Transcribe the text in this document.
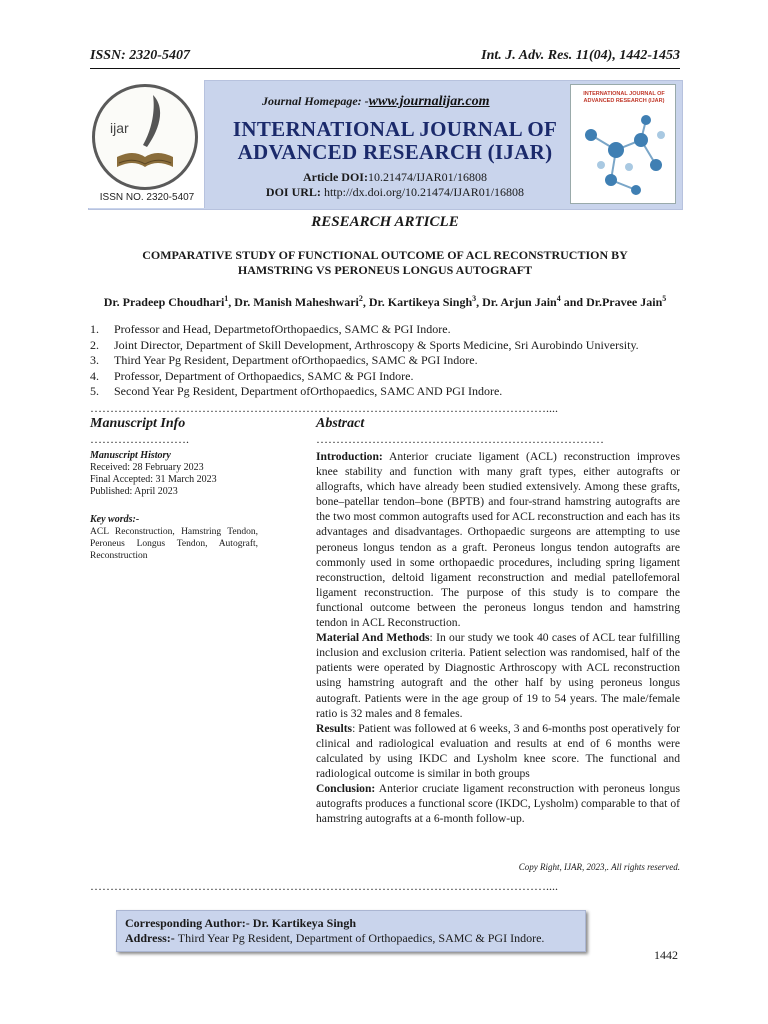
ISSN: 2320-5407	Int. J. Adv. Res. 11(04), 1442-1453
ijar
ISSN NO. 2320-5407
Journal Homepage: -www.journalijar.com
INTERNATIONAL JOURNAL OF
ADVANCED RESEARCH (IJAR)
Article DOI:10.21474/IJAR01/16808
DOI URL: http://dx.doi.org/10.21474/IJAR01/16808
INTERNATIONAL JOURNAL OF ADVANCED RESEARCH (IJAR)
RESEARCH ARTICLE
COMPARATIVE STUDY OF FUNCTIONAL OUTCOME OF ACL RECONSTRUCTION BY
HAMSTRING VS PERONEUS LONGUS AUTOGRAFT
Dr. Pradeep Choudhari$^1$, Dr. Manish Maheshwari$^2$, Dr. Kartikeya Singh$^3$, Dr. Arjun Jain$^4$ and Dr.Pravee Jain$^5$
1. Professor and Head, DepartmetofOrthopaedics, SAMC & PGI Indore.
2. Joint Director, Department of Skill Development, Arthroscopy & Sports Medicine, Sri Aurobindo University.
3. Third Year Pg Resident, Department ofOrthopaedics, SAMC & PGI Indore.
4. Professor, Department of Orthopaedics, SAMC & PGI Indore.
5. Second Year Pg Resident, Department ofOrthopaedics, SAMC AND PGI Indore.
……………………………………………………………………………………………………....
Manuscript Info
…………………….
Manuscript History
Received: 28 February 2023
Final Accepted: 31 March 2023
Published: April 2023
Key words:-
ACL Reconstruction, Hamstring Tendon, Peroneus Longus Tendon, Autograft, Reconstruction
Abstract
………………………………………………………………

Introduction: Anterior cruciate ligament (ACL) reconstruction improves knee stability and function with many graft types, either autografts or allografts, which have already been studied extensively. Among these grafts, bone–patellar tendon–bone (BPTB) and four-strand hamstring autografts are the two most common autografts used for ACL reconstruction and each has its advantages and disadvantages. Orthopaedic surgeons are attempting to use peroneus longus tendon as a graft. Peroneus longus tendon autografts are commonly used in some orthopaedic procedures, including spring ligament reconstruction, deltoid ligament reconstruction and medial patellofemoral ligament reconstruction. The purpose of this study is to compare the functional outcome between the peroneus longus tendon and hamstring tendon in ACL Reconstruction.

Material And Methods: In our study we took 40 cases of ACL tear fulfilling inclusion and exclusion criteria. Patient selection was randomised, half of the patients were operated by Diagnostic Arthroscopy with ACL reconstruction using hamstring autograft and the other half by using peroneus longus autograft. Patients were in the age group of 19 to 54 years. The male/female ratio is 32 males and 8 females.

Results: Patient was followed at 6 weeks, 3 and 6-months post operatively for clinical and radiological evaluation and results at end of 6 months were calculated by using IKDC and Lysholm knee score. The functional and radiological outcome is similar in both groups

Conclusion: Anterior cruciate ligament reconstruction with peroneus longus autografts produces a functional score (IKDC, Lysholm) comparable to that of hamstring autografts at a 6-month follow-up.

Copy Right, IJAR, 2023,. All rights reserved.
……………………………………………………………………………………………………....
Corresponding Author:- Dr. Kartikeya Singh
Address:- Third Year Pg Resident, Department of Orthopaedics, SAMC & PGI Indore.
1442
